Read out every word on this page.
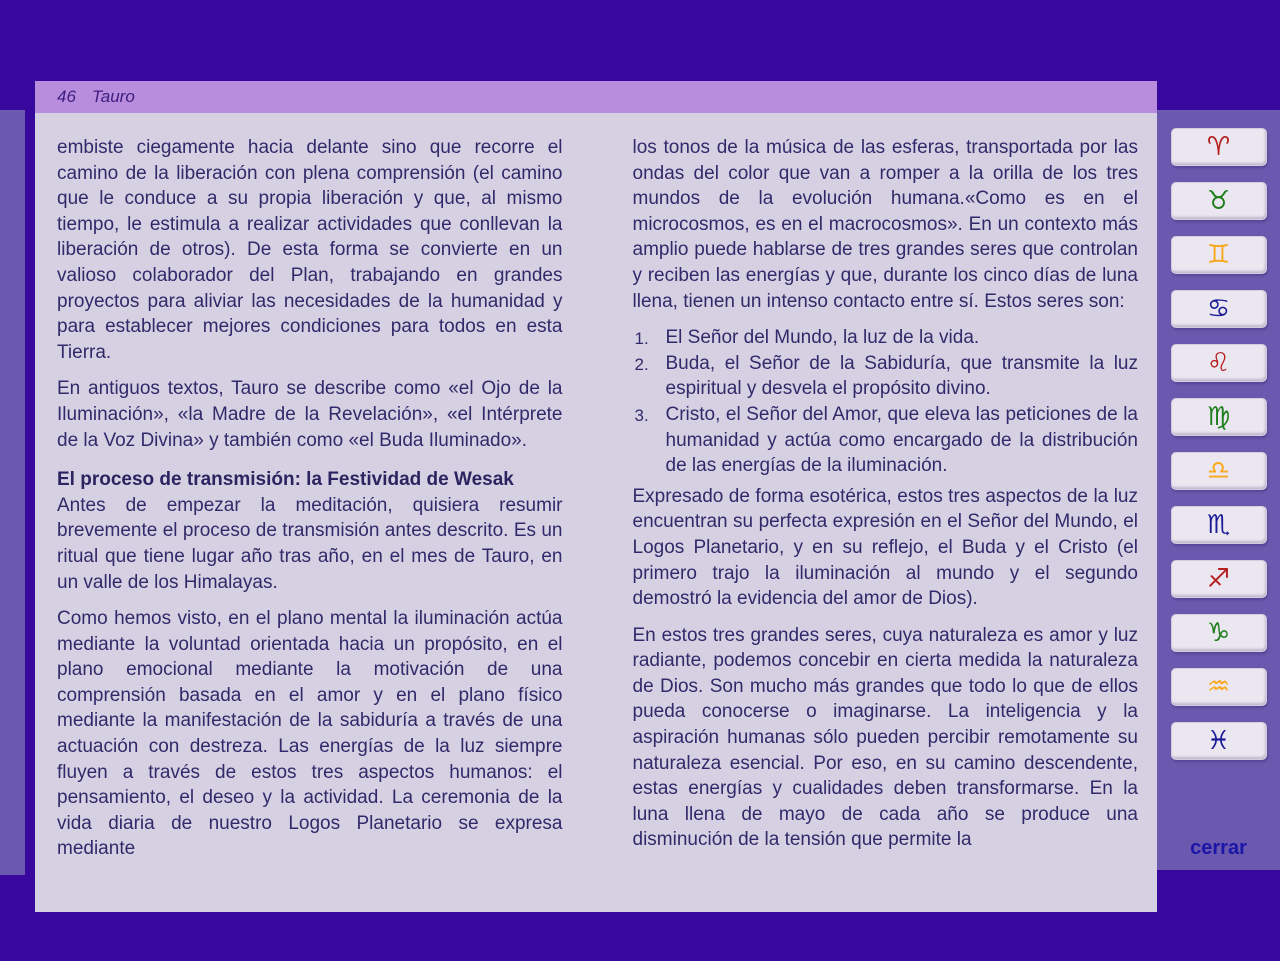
46 Tauro

embiste ciegamente hacia delante sino que recorre el camino de la liberación con plena comprensión (el camino que le conduce a su propia liberación y que, al mismo tiempo, le estimula a realizar actividades que conllevan la liberación de otros). De esta forma se convierte en un valioso colaborador del Plan, trabajando en grandes proyectos para aliviar las necesidades de la humanidad y para establecer mejores condiciones para todos en esta Tierra.

En antiguos textos, Tauro se describe como «el Ojo de la Iluminación», «la Madre de la Revelación», «el Intérprete de la Voz Divina» y también como «el Buda Iluminado».

El proceso de transmisión: la Festividad de Wesak

Antes de empezar la meditación, quisiera resumir brevemente el proceso de transmisión antes descrito. Es un ritual que tiene lugar año tras año, en el mes de Tauro, en un valle de los Himalayas.

Como hemos visto, en el plano mental la iluminación actúa mediante la voluntad orientada hacia un propósito, en el plano emocional mediante la motivación de una comprensión basada en el amor y en el plano físico mediante la manifestación de la sabiduría a través de una actuación con destreza. Las energías de la luz siempre fluyen a través de estos tres aspectos humanos: el pensamiento, el deseo y la actividad. La ceremonia de la vida diaria de nuestro Logos Planetario se expresa mediante

los tonos de la música de las esferas, transportada por las ondas del color que van a romper a la orilla de los tres mundos de la evolución humana.«Como es en el microcosmos, es en el macrocosmos». En un contexto más amplio puede hablarse de tres grandes seres que controlan y reciben las energías y que, durante los cinco días de luna llena, tienen un intenso contacto entre sí. Estos seres son:

1. El Señor del Mundo, la luz de la vida.
2. Buda, el Señor de la Sabiduría, que transmite la luz espiritual y desvela el propósito divino.
3. Cristo, el Señor del Amor, que eleva las peticiones de la humanidad y actúa como encargado de la distribución de las energías de la iluminación.

Expresado de forma esotérica, estos tres aspectos de la luz encuentran su perfecta expresión en el Señor del Mundo, el Logos Planetario, y en su reflejo, el Buda y el Cristo (el primero trajo la iluminación al mundo y el segundo demostró la evidencia del amor de Dios).

En estos tres grandes seres, cuya naturaleza es amor y luz radiante, podemos concebir en cierta medida la naturaleza de Dios. Son mucho más grandes que todo lo que de ellos pueda conocerse o imaginarse. La inteligencia y la aspiración humanas sólo pueden percibir remotamente su naturaleza esencial. Por eso, en su camino descendente, estas energías y cualidades deben transformarse. En la luna llena de mayo de cada año se produce una disminución de la tensión que permite la

♈
♉
♊
♋
♌
♍
♎
♏
♐
♑
♒
♓
cerrar
